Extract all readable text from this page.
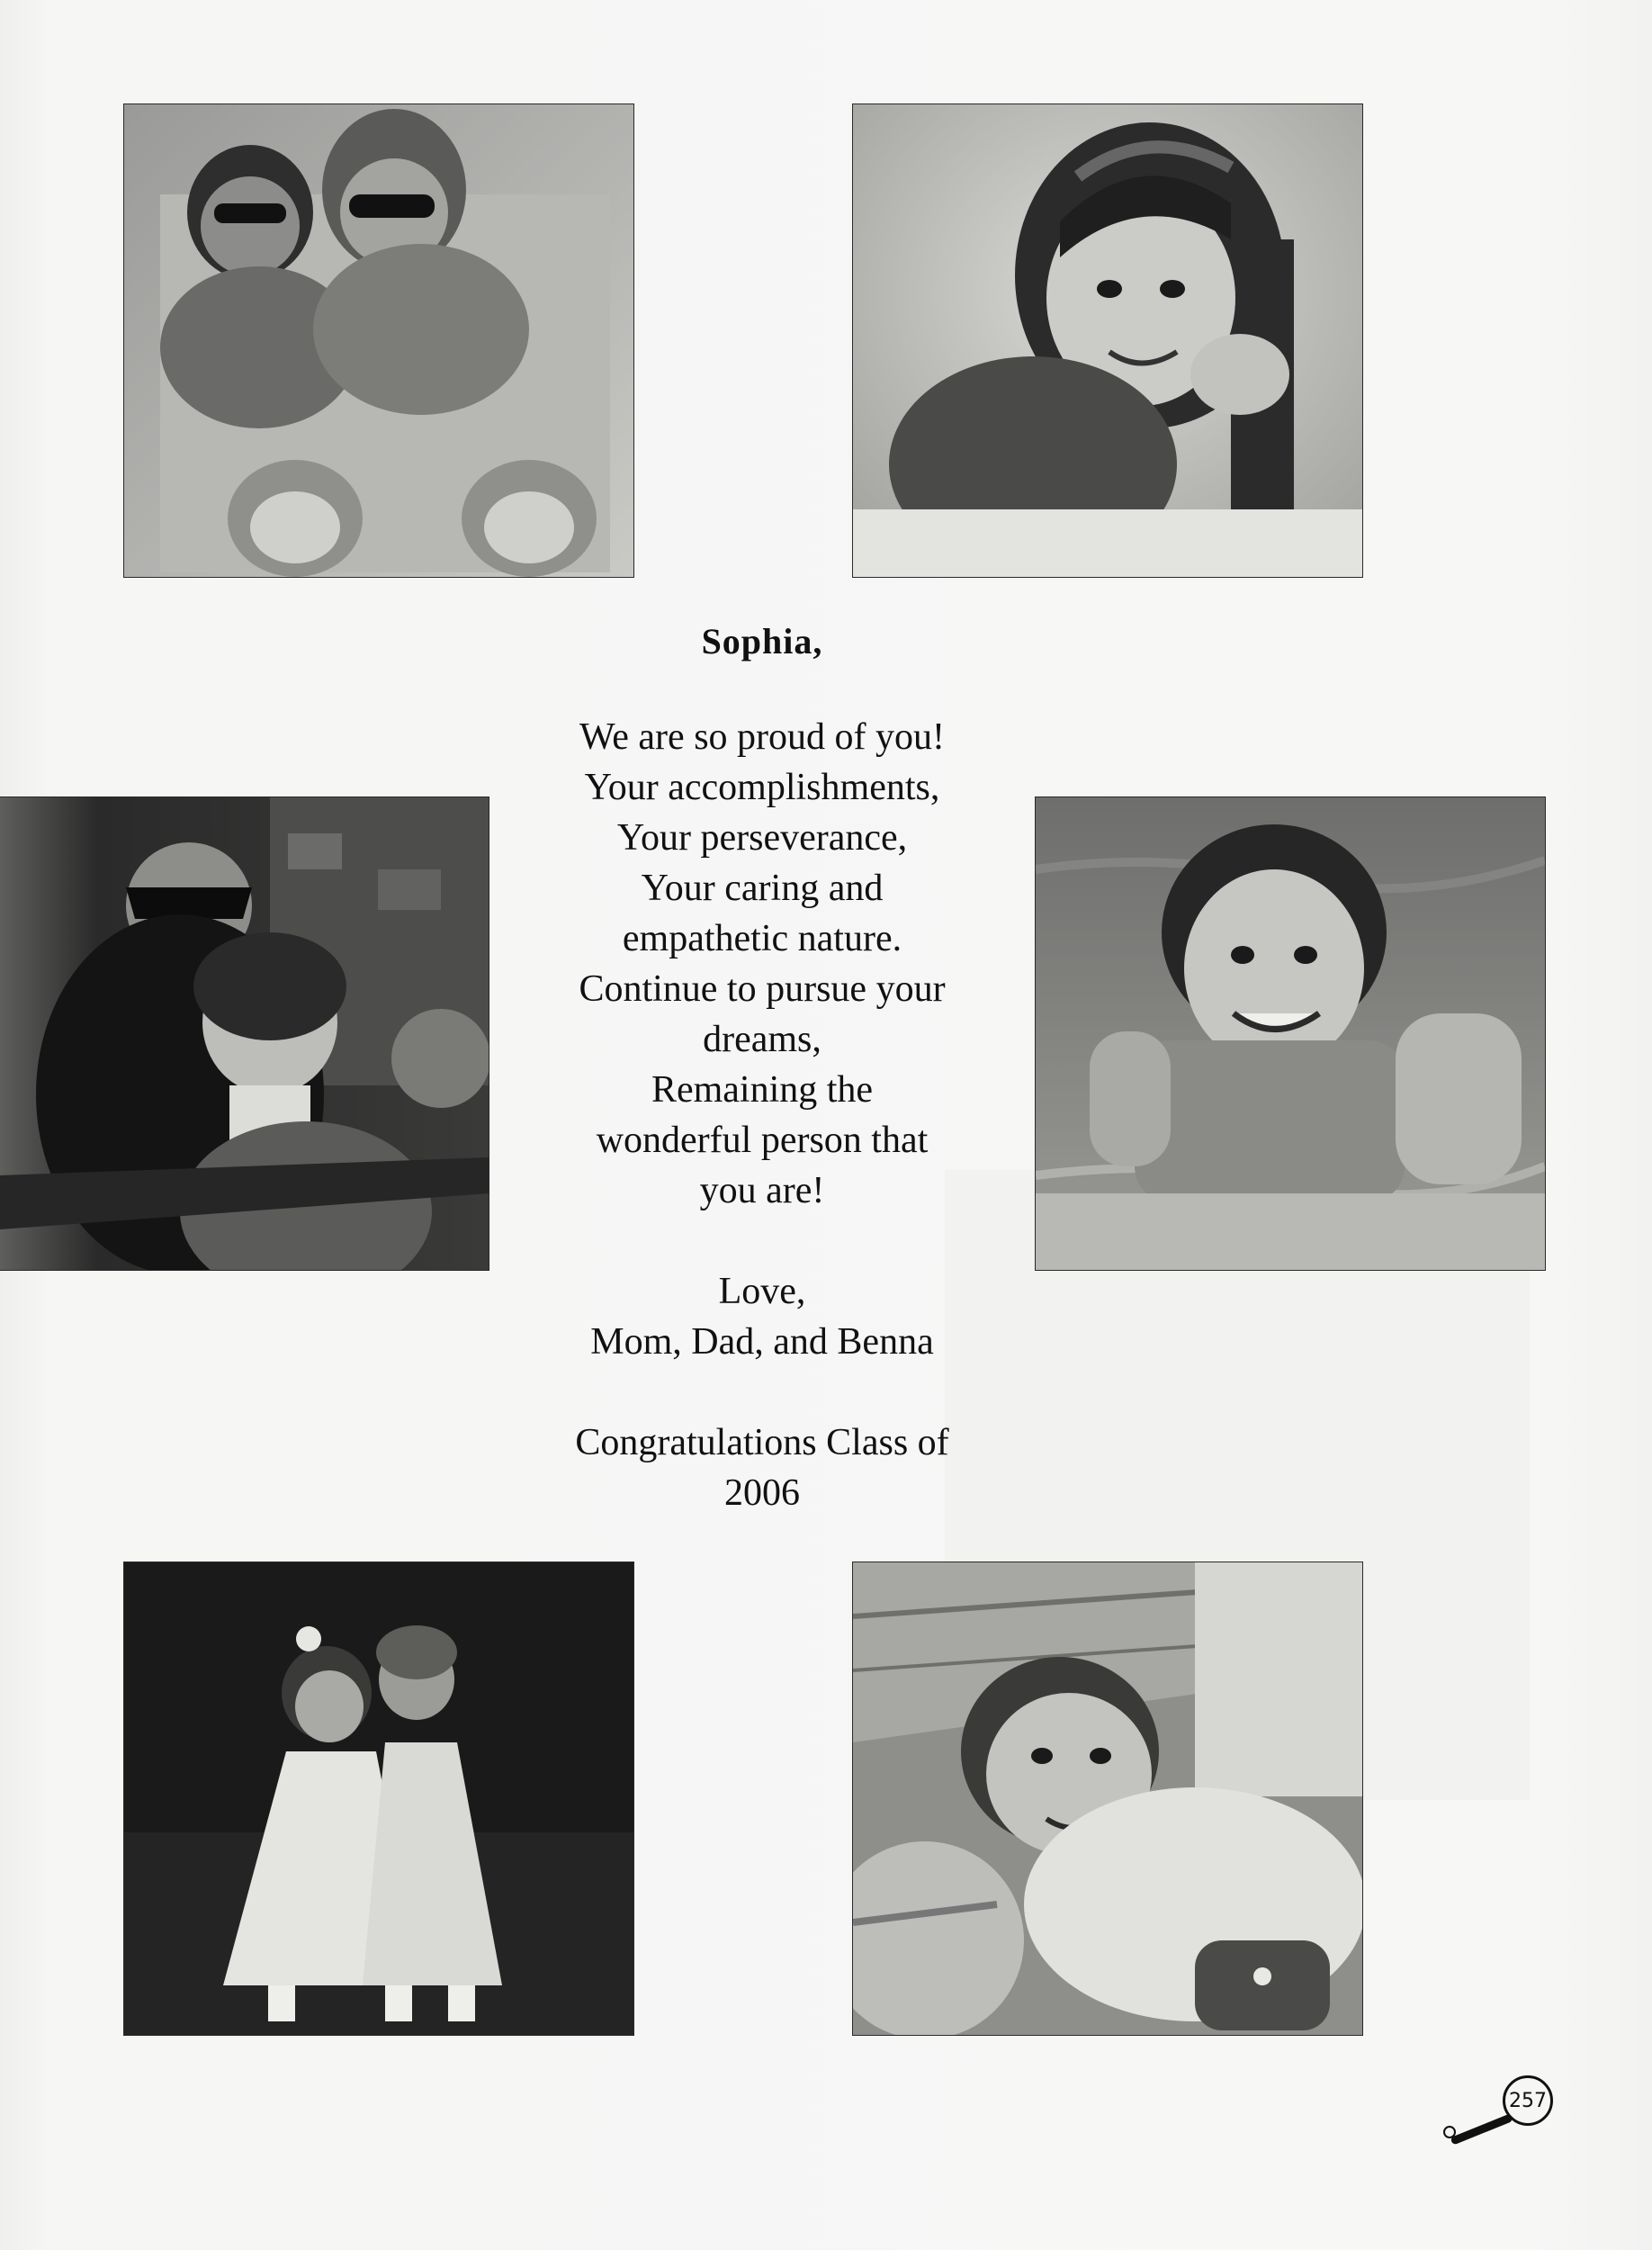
Sophia,

We are so proud of you!

Your accomplishments,

Your perseverance,

Your caring and

empathetic nature.

Continue to pursue your

dreams,

Remaining the

wonderful person that

you are!

Love,

Mom, Dad, and Benna

Congratulations Class of

2006

257
